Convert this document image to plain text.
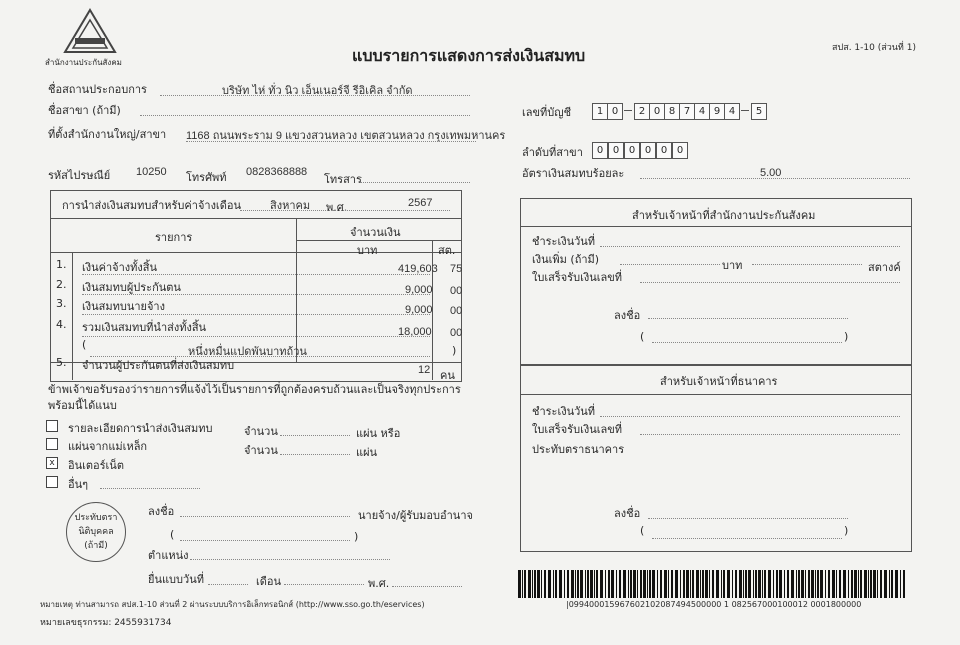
สำนักงานประกันสังคม	แบบรายการแสดงการส่งเงินสมทบ	สปส. 1-10 (ส่วนที่ 1)
ชื่อสถานประกอบการ	บริษัท ไห่ ทั่ว นิว เอ็นเนอร์จี รีอิเคิล จำกัด
ชื่อสาขา (ถ้ามี)
ที่ตั้งสำนักงานใหญ่/สาขา 1168 ถนนพระราม 9 แขวงสวนหลวง เขตสวนหลวง กรุงเทพมหานคร
รหัสไปรษณีย์ 10250 โทรศัพท์ 0828368888
โทรสาร
เลขที่บัญชี	1 0	2 0 8 7 4 9 4	5
ลำดับที่สาขา	0 0 0 0 0 0
อัตราเงินสมทบร้อยละ	5.00
การนำส่งเงินสมทบสำหรับค่าจ้างเดือน	สิงหาคม พ.ศ.	2567
รายการ	จำนวนเงิน
บาท	สต.
1. เงินค่าจ้างทั้งสิ้น	419,603 75
2. เงินสมทบผู้ประกันตน	9,000 00
3. เงินสมทบนายจ้าง	9,000 00
4. รวมเงินสมทบที่นำส่งทั้งสิ้น	18,000 00
(
หนึ่งหมื่นแปดพันบาทถ้วน	)
5. จำนวนผู้ประกันตนที่ส่งเงินสมทบ	12 คน
ข้าพเจ้าขอรับรองว่ารายการที่แจ้งไว้เป็นรายการที่ถูกต้องครบถ้วนและเป็นจริงทุกประการ
พร้อมนี้ได้แนบ
รายละเอียดการนำส่งเงินสมทบ	จำนวน	แผ่น หรือ
แผ่นจากแม่เหล็ก	จำนวน	แผ่น
x	อินเตอร์เน็ต
อื่นๆ
ประทับตรา
นิติบุคคล
(ถ้ามี)
ลงชื่อ	นายจ้าง/ผู้รับมอบอำนาจ
(	)
ตำแหน่ง
ยื่นแบบวันที่	เดือน	พ.ศ.
สำหรับเจ้าหน้าที่สำนักงานประกันสังคม
ชำระเงินวันที่
เงินเพิ่ม (ถ้ามี)	บาท	สตางค์
ใบเสร็จรับเงินเลขที่
ลงชื่อ
(	)
สำหรับเจ้าหน้าที่ธนาคาร
ชำระเงินวันที่
ใบเสร็จรับเงินเลขที่
ประทับตราธนาคาร
ลงชื่อ
(	)
|099400015967602102087494500000 1 082567000100012 0001800000
หมายเหตุ ท่านสามารถ สปส.1-10 ส่วนที่ 2 ผ่านระบบบริการอิเล็กทรอนิกส์ (http://www.sso.go.th/eservices)
หมายเลขธุรกรรม: 2455931734
